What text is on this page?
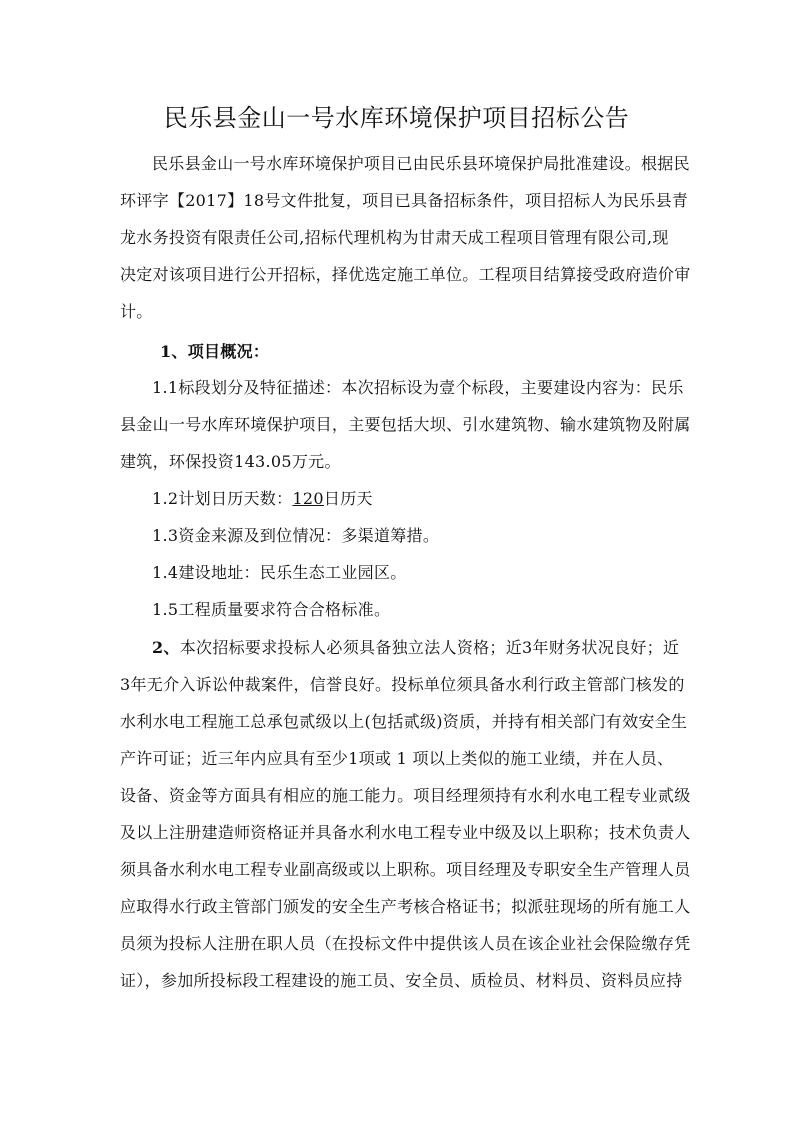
民乐县金山一号水库环境保护项目招标公告
民乐县金山一号水库环境保护项目已由民乐县环境保护局批准建设。根据民
环评字【2017】18号文件批复，项目已具备招标条件，项目招标人为民乐县青
龙水务投资有限责任公司,招标代理机构为甘肃天成工程项目管理有限公司,现
决定对该项目进行公开招标，择优选定施工单位。工程项目结算接受政府造价审
计。
1、项目概况：
1.1标段划分及特征描述：本次招标设为壹个标段，主要建设内容为：民乐
县金山一号水库环境保护项目，主要包括大坝、引水建筑物、输水建筑物及附属
建筑，环保投资143.05万元。
1.2计划日历天数：120日历天
1.3资金来源及到位情况：多渠道筹措。
1.4建设地址：民乐生态工业园区。
1.5工程质量要求符合合格标准。
2、本次招标要求投标人必须具备独立法人资格；近3年财务状况良好；近
3年无介入诉讼仲裁案件，信誉良好。投标单位须具备水利行政主管部门核发的
水利水电工程施工总承包贰级以上(包括贰级)资质，并持有相关部门有效安全生
产许可证；近三年内应具有至少1项或 1 项以上类似的施工业绩，并在人员、
设备、资金等方面具有相应的施工能力。项目经理须持有水利水电工程专业贰级
及以上注册建造师资格证并具备水利水电工程专业中级及以上职称；技术负责人
须具备水利水电工程专业副高级或以上职称。项目经理及专职安全生产管理人员
应取得水行政主管部门颁发的安全生产考核合格证书；拟派驻现场的所有施工人
员须为投标人注册在职人员（在投标文件中提供该人员在该企业社会保险缴存凭
证），参加所投标段工程建设的施工员、安全员、质检员、材料员、资料员应持
